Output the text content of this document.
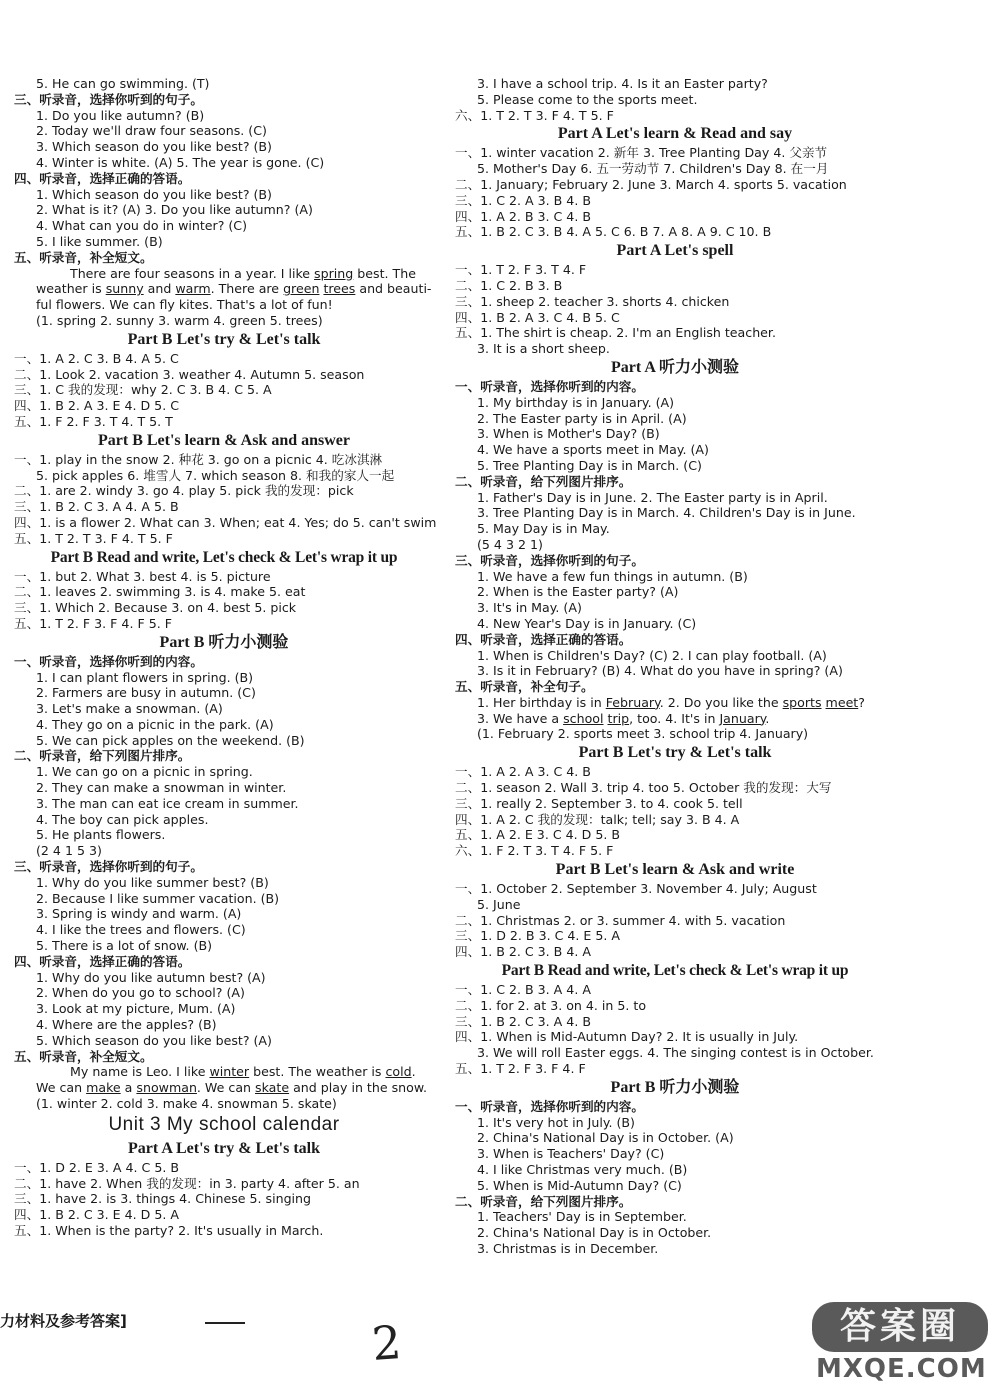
5. He can go swimming. (T)
三、听录音，选择你听到的句子。
1. Do you like autumn? (B)
2. Today we'll draw four seasons. (C)
3. Which season do you like best? (B)
4. Winter is white. (A) 5. The year is gone. (C)
四、听录音，选择正确的答语。
1. Which season do you like best? (B)
2. What is it? (A) 3. Do you like autumn? (A)
4. What can you do in winter? (C)
5. I like summer. (B)
五、听录音，补全短文。
There are four seasons in a year. I like spring best. The
weather is sunny and warm. There are green trees and beauti-
ful flowers. We can fly kites. That's a lot of fun!
(1. spring 2. sunny 3. warm 4. green 5. trees)
Part B Let's try & Let's talk
一、1. A 2. C 3. B 4. A 5. C
二、1. Look 2. vacation 3. weather 4. Autumn 5. season
三、1. C 我的发现：why 2. C 3. B 4. C 5. A
四、1. B 2. A 3. E 4. D 5. C
五、1. F 2. F 3. T 4. T 5. T
Part B Let's learn & Ask and answer
一、1. play in the snow 2. 种花 3. go on a picnic 4. 吃冰淇淋
5. pick apples 6. 堆雪人 7. which season 8. 和我的家人一起
二、1. are 2. windy 3. go 4. play 5. pick 我的发现：pick
三、1. B 2. C 3. A 4. A 5. B
四、1. is a flower 2. What can 3. When; eat 4. Yes; do 5. can't swim
五、1. T 2. T 3. F 4. T 5. F
Part B Read and write, Let's check & Let's wrap it up
一、1. but 2. What 3. best 4. is 5. picture
二、1. leaves 2. swimming 3. is 4. make 5. eat
三、1. Which 2. Because 3. on 4. best 5. pick
五、1. T 2. F 3. F 4. F 5. F
Part B 听力小测验
一、听录音，选择你听到的内容。
1. I can plant flowers in spring. (B)
2. Farmers are busy in autumn. (C)
3. Let's make a snowman. (A)
4. They go on a picnic in the park. (A)
5. We can pick apples on the weekend. (B)
二、听录音，给下列图片排序。
1. We can go on a picnic in spring.
2. They can make a snowman in winter.
3. The man can eat ice cream in summer.
4. The boy can pick apples.
5. He plants flowers.
(2 4 1 5 3)
三、听录音，选择你听到的句子。
1. Why do you like summer best? (B)
2. Because I like summer vacation. (B)
3. Spring is windy and warm. (A)
4. I like the trees and flowers. (C)
5. There is a lot of snow. (B)
四、听录音，选择正确的答语。
1. Why do you like autumn best? (A)
2. When do you go to school? (A)
3. Look at my picture, Mum. (A)
4. Where are the apples? (B)
5. Which season do you like best? (A)
五、听录音，补全短文。
My name is Leo. I like winter best. The weather is cold.
We can make a snowman. We can skate and play in the snow.
(1. winter 2. cold 3. make 4. snowman 5. skate)
Unit 3 My school calendar
Part A Let's try & Let's talk
一、1. D 2. E 3. A 4. C 5. B
二、1. have 2. When 我的发现：in 3. party 4. after 5. an
三、1. have 2. is 3. things 4. Chinese 5. singing
四、1. B 2. C 3. E 4. D 5. A
五、1. When is the party? 2. It's usually in March.
3. I have a school trip. 4. Is it an Easter party?
5. Please come to the sports meet.
六、1. T 2. T 3. F 4. T 5. F
Part A Let's learn & Read and say
一、1. winter vacation 2. 新年 3. Tree Planting Day 4. 父亲节
5. Mother's Day 6. 五一劳动节 7. Children's Day 8. 在一月
二、1. January; February 2. June 3. March 4. sports 5. vacation
三、1. C 2. A 3. B 4. B
四、1. A 2. B 3. C 4. B
五、1. B 2. C 3. B 4. A 5. C 6. B 7. A 8. A 9. C 10. B
Part A Let's spell
一、1. T 2. F 3. T 4. F
二、1. C 2. B 3. B
三、1. sheep 2. teacher 3. shorts 4. chicken
四、1. B 2. A 3. C 4. B 5. C
五、1. The shirt is cheap. 2. I'm an English teacher.
3. It is a short sheep.
Part A 听力小测验
一、听录音，选择你听到的内容。
1. My birthday is in January. (A)
2. The Easter party is in April. (A)
3. When is Mother's Day? (B)
4. We have a sports meet in May. (A)
5. Tree Planting Day is in March. (C)
二、听录音，给下列图片排序。
1. Father's Day is in June. 2. The Easter party is in April.
3. Tree Planting Day is in March. 4. Children's Day is in June.
5. May Day is in May.
(5 4 3 2 1)
三、听录音，选择你听到的句子。
1. We have a few fun things in autumn. (B)
2. When is the Easter party? (A)
3. It's in May. (A)
4. New Year's Day is in January. (C)
四、听录音，选择正确的答语。
1. When is Children's Day? (C) 2. I can play football. (A)
3. Is it in February? (B) 4. What do you have in spring? (A)
五、听录音，补全句子。
1. Her birthday is in February. 2. Do you like the sports meet?
3. We have a school trip, too. 4. It's in January.
(1. February 2. sports meet 3. school trip 4. January)
Part B Let's try & Let's talk
一、1. A 2. A 3. C 4. B
二、1. season 2. Wall 3. trip 4. too 5. October 我的发现：大写
三、1. really 2. September 3. to 4. cook 5. tell
四、1. A 2. C 我的发现：talk; tell; say 3. B 4. A
五、1. A 2. E 3. C 4. D 5. B
六、1. F 2. T 3. T 4. F 5. F
Part B Let's learn & Ask and write
一、1. October 2. September 3. November 4. July; August
5. June
二、1. Christmas 2. or 3. summer 4. with 5. vacation
三、1. D 2. B 3. C 4. E 5. A
四、1. B 2. C 3. B 4. A
Part B Read and write, Let's check & Let's wrap it up
一、1. C 2. B 3. A 4. A
二、1. for 2. at 3. on 4. in 5. to
三、1. B 2. C 3. A 4. B
四、1. When is Mid-Autumn Day? 2. It is usually in July.
3. We will roll Easter eggs. 4. The singing contest is in October.
五、1. T 2. F 3. F 4. F
Part B 听力小测验
一、听录音，选择你听到的内容。
1. It's very hot in July. (B)
2. China's National Day is in October. (A)
3. When is Teachers' Day? (C)
4. I like Christmas very much. (B)
5. When is Mid-Autumn Day? (C)
二、听录音，给下列图片排序。
1. Teachers' Day is in September.
2. China's National Day is in October.
3. Christmas is in December.
力材料及参考答案]	2	答案圈
MXQE.COM
